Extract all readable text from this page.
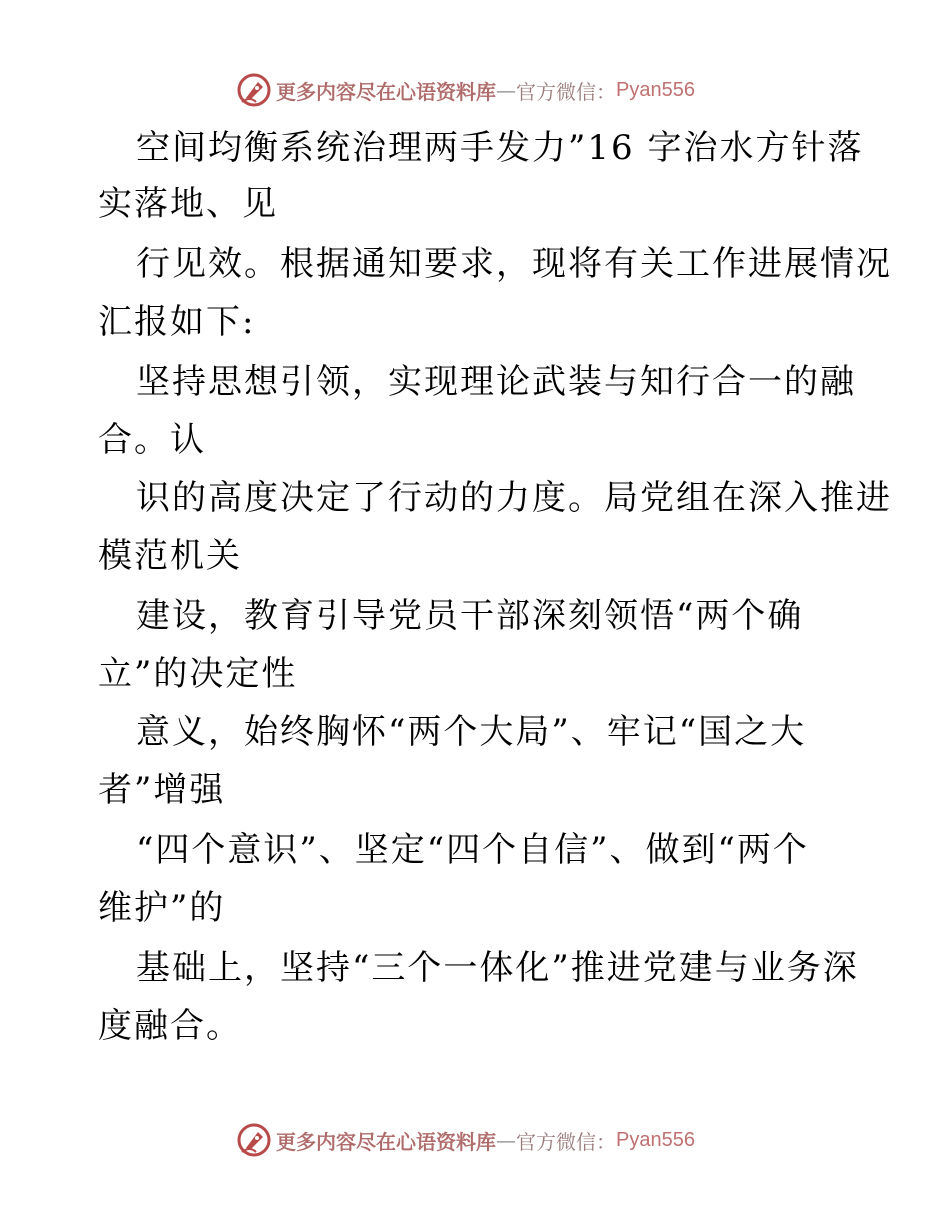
更多内容尽在心语资料库 — 官方微信： Pyan556
空间均衡系统治理两手发力”16 字治水方针落
实落地、见
行见效。根据通知要求，现将有关工作进展情况
汇报如下:
坚持思想引领，实现理论武装与知行合一的融
合。认
识的高度决定了行动的力度。局党组在深入推进
模范机关
建设，教育引导党员干部深刻领悟“两个确
立”的决定性
意义，始终胸怀“两个大局”、牢记“国之大
者”增强
“四个意识”、坚定“四个自信”、做到“两个
维护”的
基础上，坚持“三个一体化”推进党建与业务深
度融合。
更多内容尽在心语资料库 — 官方微信： Pyan556
